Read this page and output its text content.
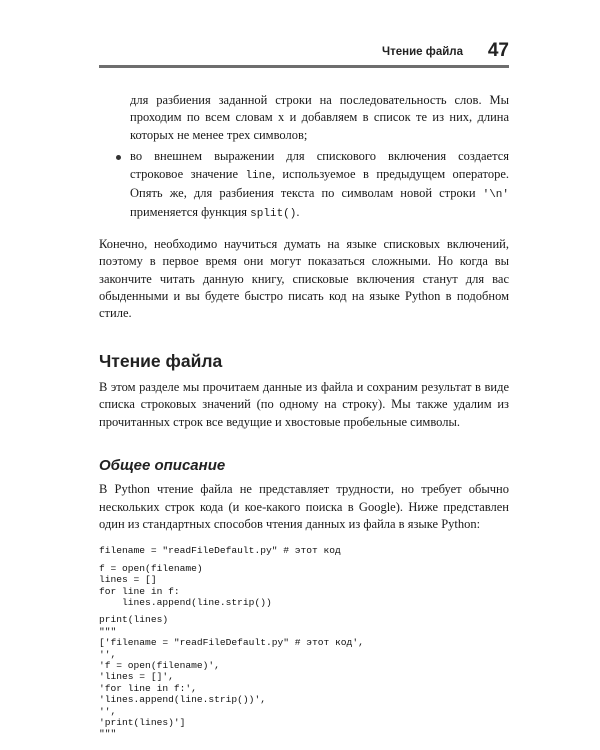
Чтение файла 47
для разбиения заданной строки на последовательность слов. Мы проходим по всем словам x и добавляем в список те из них, длина которых не менее трех символов;
во внешнем выражении для спискового включения создается строковое значение line, используемое в предыдущем операторе. Опять же, для разбиения текста по символам новой строки '\n' применяется функция split().

Конечно, необходимо научиться думать на языке списковых включений, поэтому в первое время они могут показаться сложными. Но когда вы закончите читать данную книгу, списковые включения станут для вас обыденными и вы будете быстро писать код на языке Python в подобном стиле.

Чтение файла

В этом разделе мы прочитаем данные из файла и сохраним результат в виде списка строковых значений (по одному на строку). Мы также удалим из прочитанных строк все ведущие и хвостовые пробельные символы.

Общее описание

В Python чтение файла не представляет трудности, но требует обычно нескольких строк кода (и кое-какого поиска в Google). Ниже представлен один из стандартных способов чтения данных из файла в языке Python:

filename = "readFileDefault.py" # этот код
f = open(filename)
lines = []
for line in f:
lines.append(line.strip())
print(lines)
"""
['filename = "readFileDefault.py" # этот код',
'',
'f = open(filename)',
'lines = []',
'for line in f:',
'lines.append(line.strip())',
'',
'print(lines)']
"""
